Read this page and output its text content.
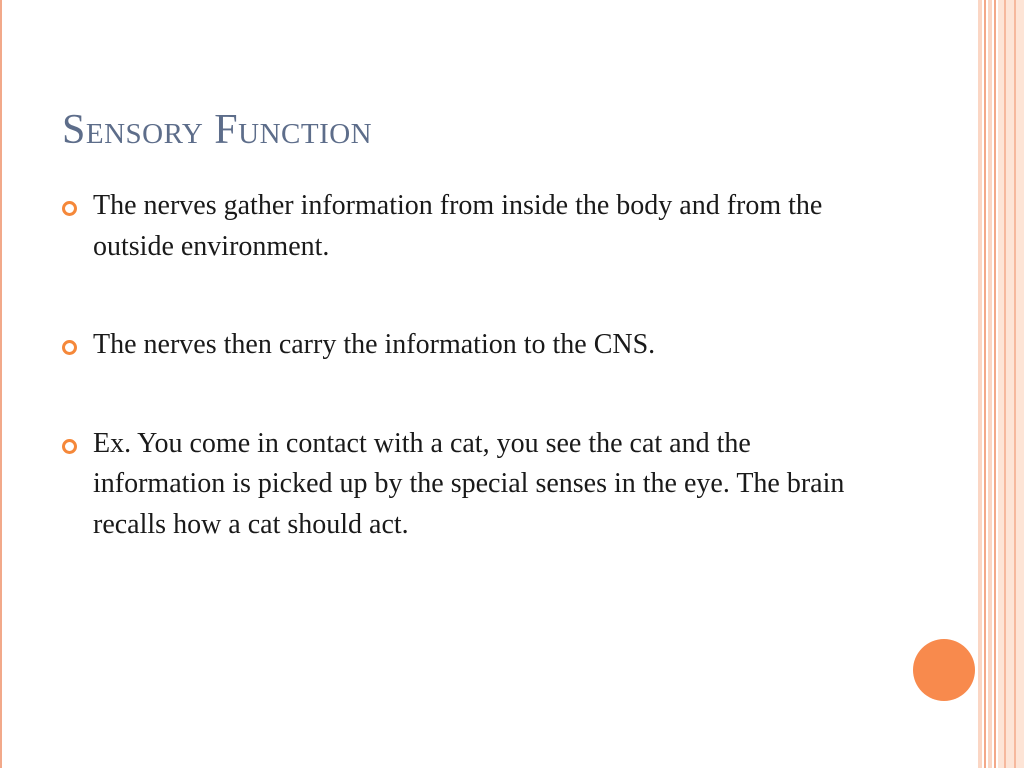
Sensory Function
The nerves gather information from inside the body and from the outside environment.
The nerves then carry the information to the CNS.
Ex. You come in contact with a cat, you see the cat and the information is picked up by the special senses in the eye. The brain recalls how a cat should act.
